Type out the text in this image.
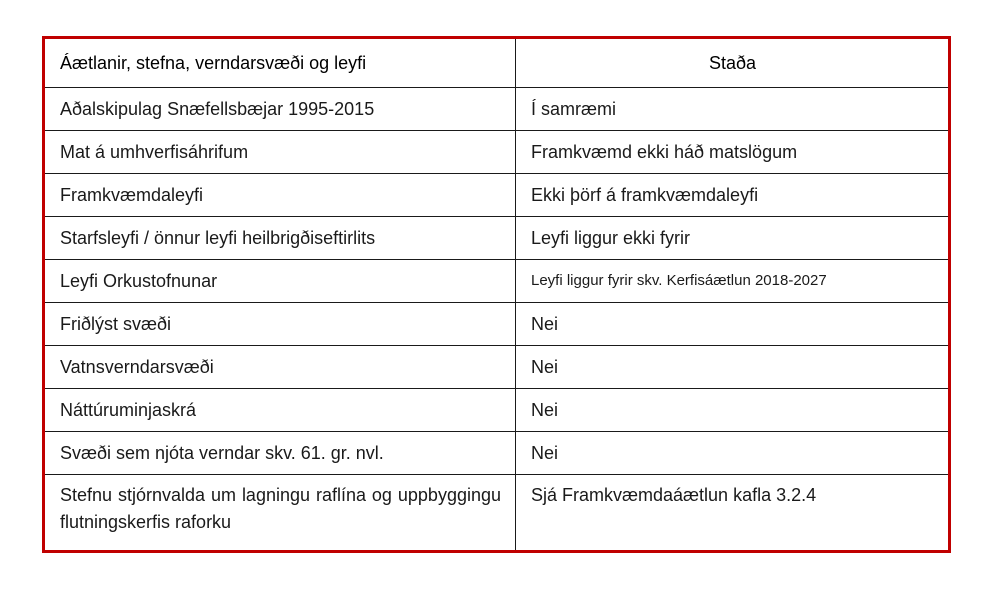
Áætlanir, stefna, verndarsvæði og leyfi	Staða
Aðalskipulag Snæfellsbæjar 1995-2015	Í samræmi
Mat á umhverfisáhrifum	Framkvæmd ekki háð matslögum
Framkvæmdaleyfi	Ekki þörf á framkvæmdaleyfi
Starfsleyfi / önnur leyfi heilbrigðiseftirlits	Leyfi liggur ekki fyrir
Leyfi Orkustofnunar	Leyfi liggur fyrir skv. Kerfisáætlun 2018-2027
Friðlýst svæði	Nei
Vatnsverndarsvæði	Nei
Náttúruminjaskrá	Nei
Svæði sem njóta verndar skv. 61. gr. nvl.	Nei
Stefnu stjórnvalda um lagningu raflína og uppbyggingu flutningskerfis raforku	Sjá Framkvæmdaáætlun kafla 3.2.4
